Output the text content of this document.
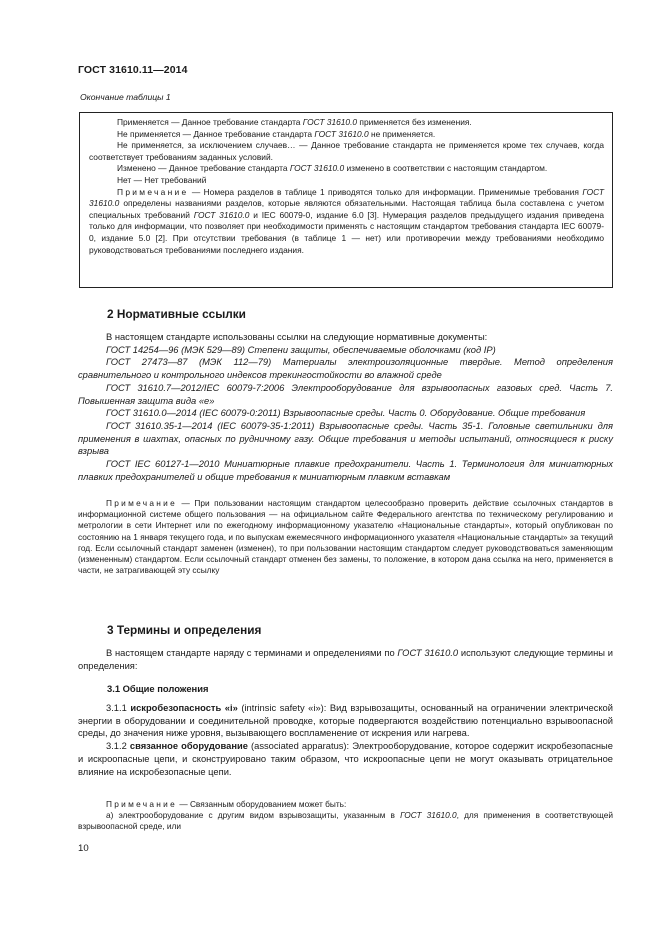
ГОСТ 31610.11—2014
Окончание таблицы 1

Применяется — Данное требование стандарта ГОСТ 31610.0 применяется без изменения.

Не применяется — Данное требование стандарта ГОСТ 31610.0 не применяется.

Не применяется, за исключением случаев… — Данное требование стандарта не применяется кроме тех случаев, когда соответствует требованиям заданных условий.

Изменено — Данное требование стандарта ГОСТ 31610.0 изменено в соответствии с настоящим стандартом.

Нет — Нет требований

Примечание — Номера разделов в таблице 1 приводятся только для информации. Применимые требования ГОСТ 31610.0 определены названиями разделов, которые являются обязательными. Настоящая таблица была составлена с учетом специальных требований ГОСТ 31610.0 и IEC 60079-0, издание 6.0 [3]. Нумерация разделов предыдущего издания приведена только для информации, что позволяет при необходимости применять с настоящим стандартом требования стандарта IEC 60079-0, издание 5.0 [2]. При отсутствии требования (в таблице 1 — нет) или противоречии между требованиями необходимо руководствоваться требованиями последнего издания.

2 Нормативные ссылки

В настоящем стандарте использованы ссылки на следующие нормативные документы:

ГОСТ 14254—96 (МЭК 529—89) Степени защиты, обеспечиваемые оболочками (код IP)

ГОСТ 27473—87 (МЭК 112—79) Материалы электроизоляционные твердые. Метод определения сравнительного и контрольного индексов трекингостойкости во влажной среде

ГОСТ 31610.7—2012/IEC 60079-7:2006 Электрооборудование для взрывоопасных газовых сред. Часть 7. Повышенная защита вида «е»

ГОСТ 31610.0—2014 (IEC 60079-0:2011) Взрывоопасные среды. Часть 0. Оборудование. Общие требования

ГОСТ 31610.35-1—2014 (IEC 60079-35-1:2011) Взрывоопасные среды. Часть 35-1. Головные светильники для применения в шахтах, опасных по рудничному газу. Общие требования и методы испытаний, относящиеся к риску взрыва

ГОСТ IEC 60127-1—2010 Миниатюрные плавкие предохранители. Часть 1. Терминология для миниатюрных плавких предохранителей и общие требования к миниатюрным плавким вставкам

Примечание — При пользовании настоящим стандартом целесообразно проверить действие ссылочных стандартов в информационной системе общего пользования — на официальном сайте Федерального агентства по техническому регулированию и метрологии в сети Интернет или по ежегодному информационному указателю «Национальные стандарты», который опубликован по состоянию на 1 января текущего года, и по выпускам ежемесячного информационного указателя «Национальные стандарты» за текущий год. Если ссылочный стандарт заменен (изменен), то при пользовании настоящим стандартом следует руководствоваться заменяющим (измененным) стандартом. Если ссылочный стандарт отменен без замены, то положение, в котором дана ссылка на него, применяется в части, не затрагивающей эту ссылку

3 Термины и определения

В настоящем стандарте наряду с терминами и определениями по ГОСТ 31610.0 используют следующие термины и определения:

3.1 Общие положения

3.1.1 искробезопасность «i» (intrinsic safety «i»): Вид взрывозащиты, основанный на ограничении электрической энергии в оборудовании и соединительной проводке, которые подвергаются воздействию потенциально взрывоопасной среды, до значения ниже уровня, вызывающего воспламенение от искрения или нагрева.

3.1.2 связанное оборудование (associated apparatus): Электрооборудование, которое содержит искробезопасные и искроопасные цепи, и сконструировано таким образом, что искроопасные цепи не могут оказывать отрицательное влияние на искробезопасные цепи.

Примечание — Связанным оборудованием может быть:

а) электрооборудование с другим видом взрывозащиты, указанным в ГОСТ 31610.0, для применения в соответствующей взрывоопасной среде, или

10
